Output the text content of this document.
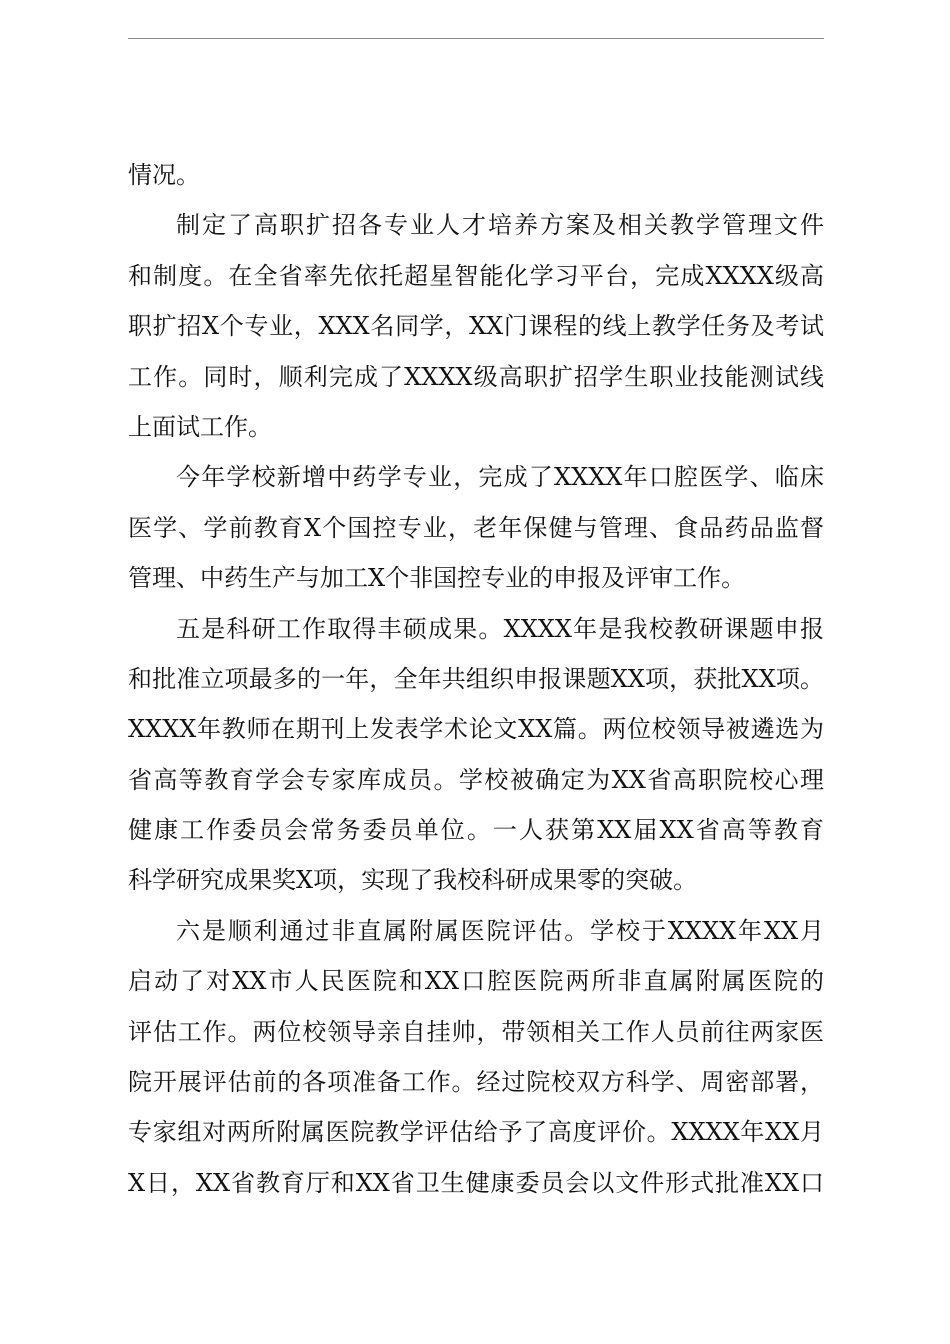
情况。
制定了高职扩招各专业人才培养方案及相关教学管理文件
和制度。在全省率先依托超星智能化学习平台，完成XXXX级高
职扩招X个专业，XXX名同学，XX门课程的线上教学任务及考试
工作。同时，顺利完成了XXXX级高职扩招学生职业技能测试线
上面试工作。
今年学校新增中药学专业，完成了XXXX年口腔医学、临床
医学、学前教育X个国控专业，老年保健与管理、食品药品监督
管理、中药生产与加工X个非国控专业的申报及评审工作。
五是科研工作取得丰硕成果。XXXX年是我校教研课题申报
和批准立项最多的一年，全年共组织申报课题XX项，获批XX项。
XXXX年教师在期刊上发表学术论文XX篇。两位校领导被遴选为
省高等教育学会专家库成员。学校被确定为XX省高职院校心理
健康工作委员会常务委员单位。一人获第XX届XX省高等教育
科学研究成果奖X项，实现了我校科研成果零的突破。
六是顺利通过非直属附属医院评估。学校于XXXX年XX月
启动了对XX市人民医院和XX口腔医院两所非直属附属医院的
评估工作。两位校领导亲自挂帅，带领相关工作人员前往两家医
院开展评估前的各项准备工作。经过院校双方科学、周密部署，
专家组对两所附属医院教学评估给予了高度评价。XXXX年XX月
X日，XX省教育厅和XX省卫生健康委员会以文件形式批准XX口
